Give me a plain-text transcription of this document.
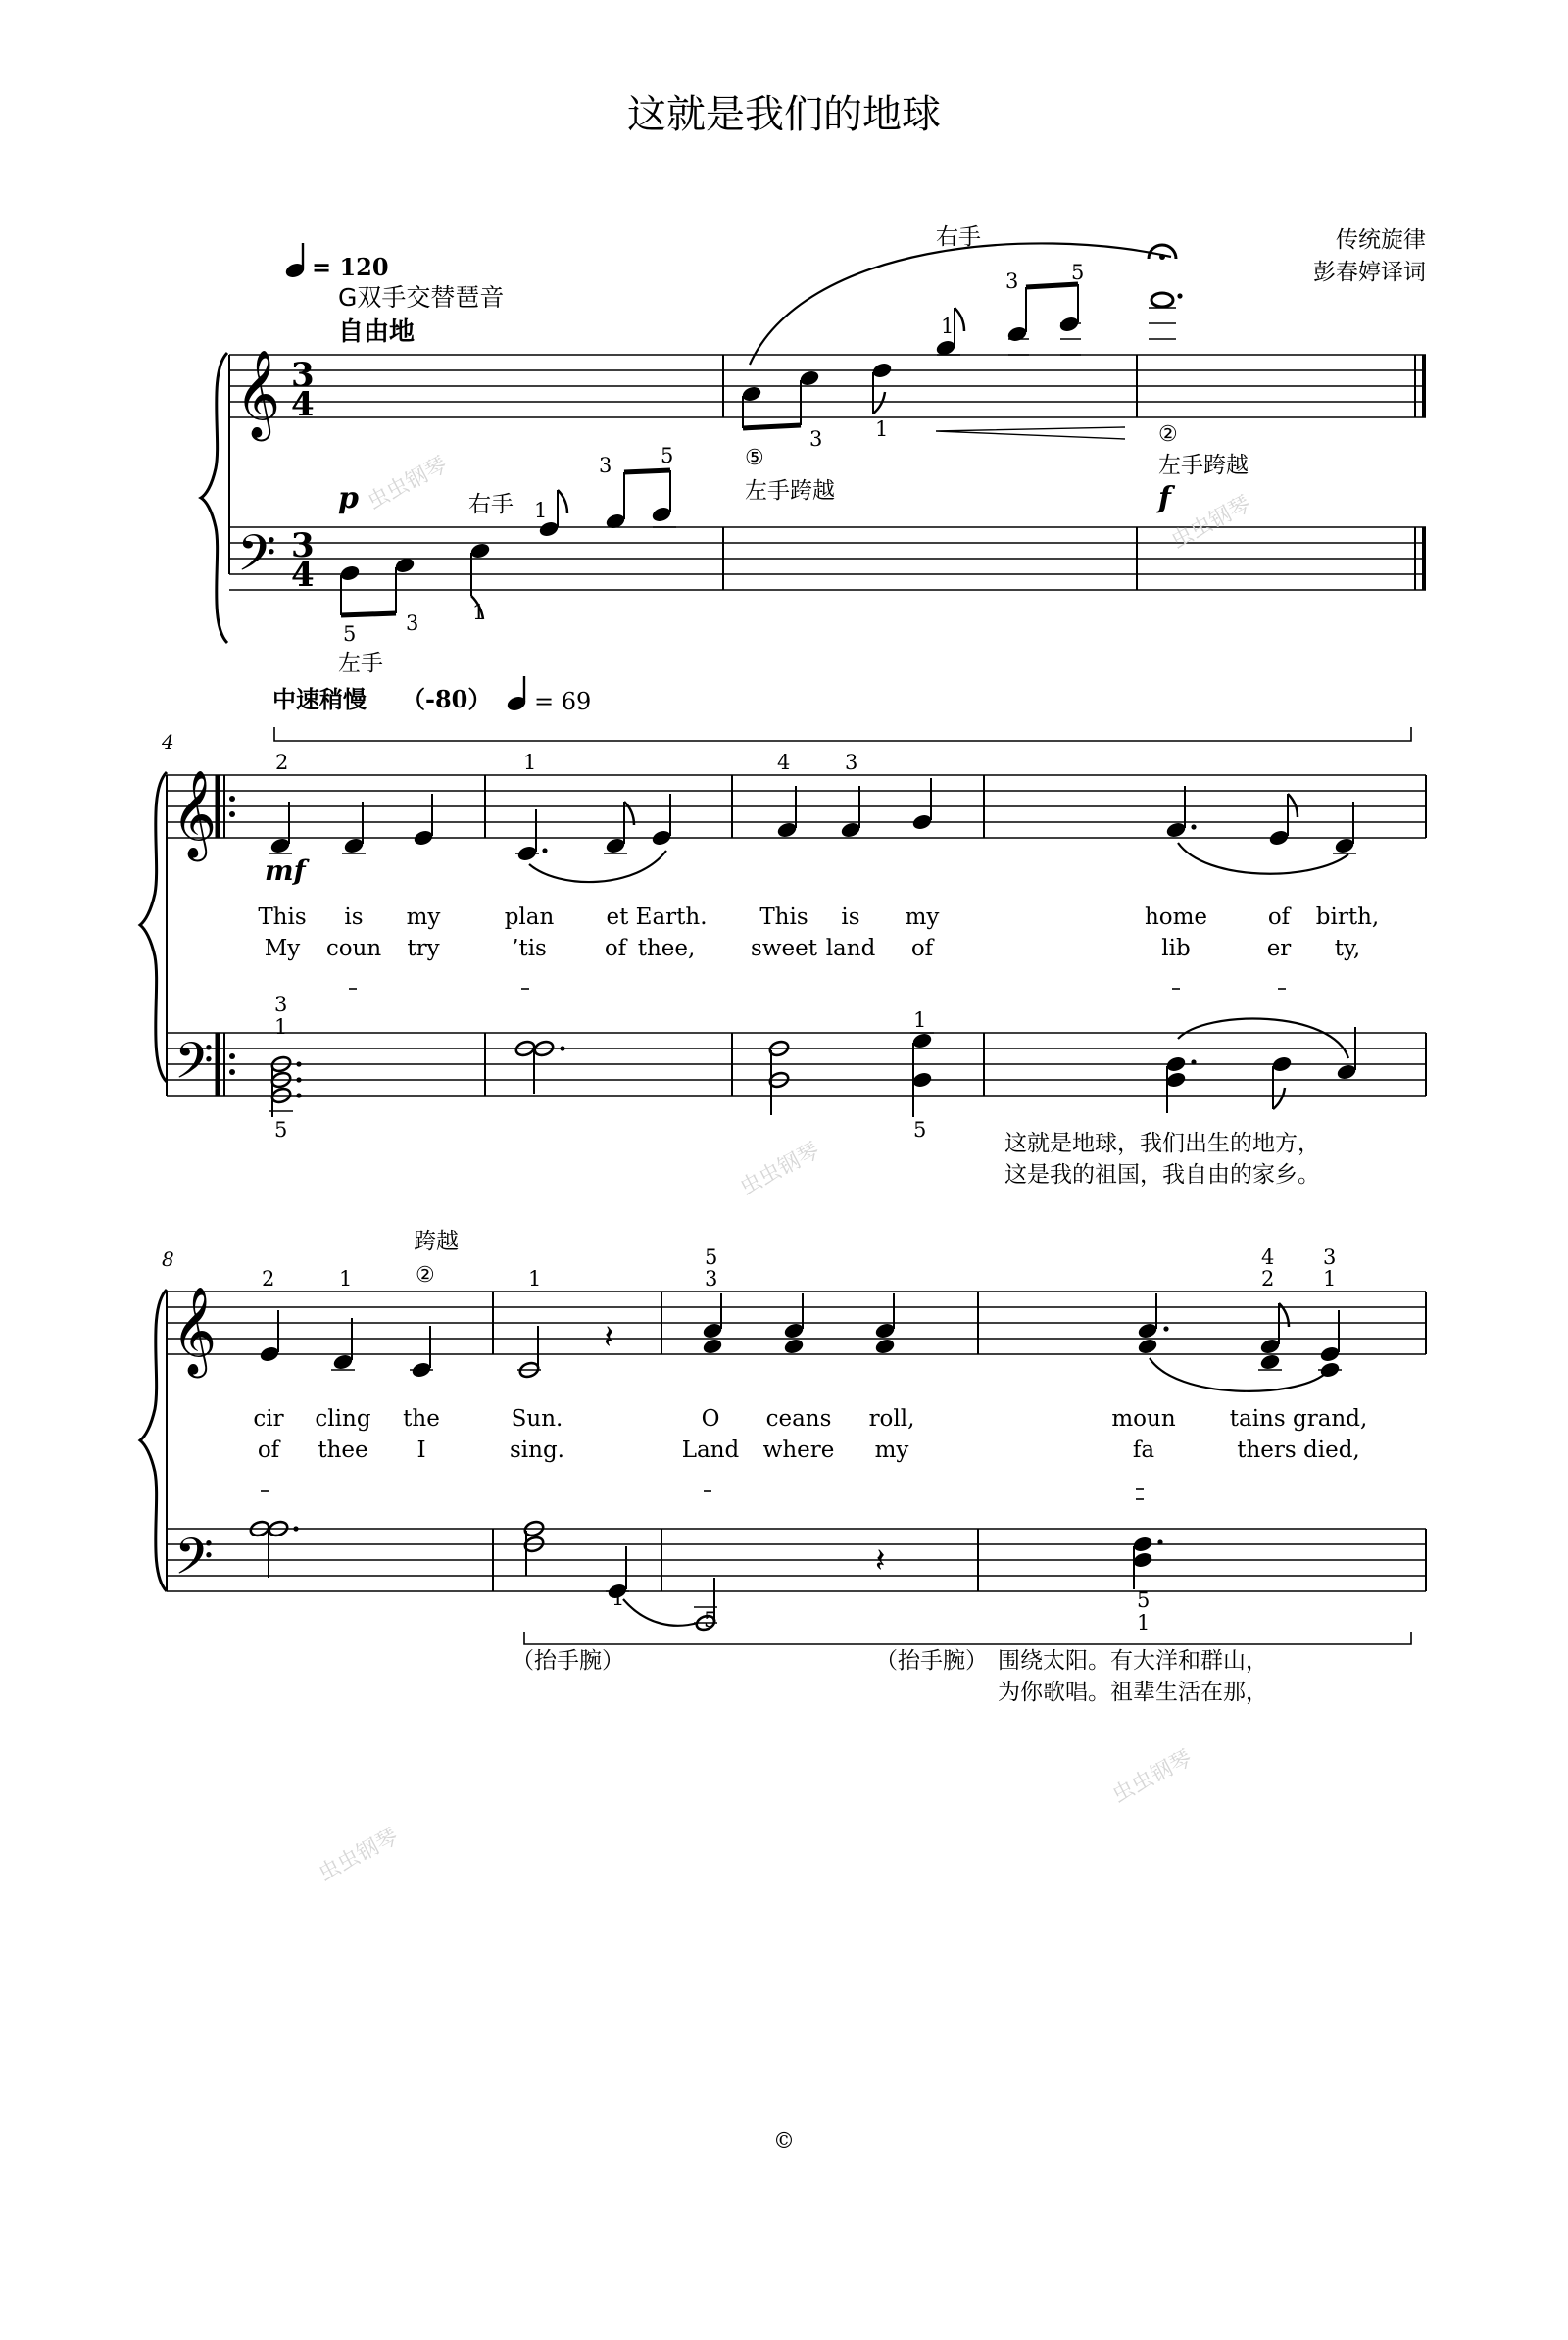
这就是我们的地球
传统旋律
彭春婷译词
= 120
G双手交替琶音
自由地
右手
𝄞
𝄢
3
4
3
4
5 3	1
1
3 5
p	右手
左手
3	1
1
3	5
⑤
左手跨越
②
左手跨越
f
中速稍慢 （-80） = 69
4
𝄞
𝄢
mf
2	1	4	3
This is my	plan et Earth. This is my	home	of birth,
My coun try	’tis	of thee, sweet land of	lib	er ty,
3
1
5
1
5
这就是地球，我们出生的地方，
这是我的祖国，我自由的家乡。
8
跨越
②
𝄞
𝄢
𝄽
2	1	1
5
3
4
2
3
1
cir cling the	Sun.	O ceans roll,	moun tains grand,
of thee I	sing.	Land where my	fa	thers died,
𝄽
1
5
5
1
（抬手腕）	（抬手腕） 围绕太阳。有大洋和群山，
为你歌唱。祖辈生活在那，
虫虫钢琴
虫虫钢琴
虫虫钢琴
虫虫钢琴
虫虫钢琴
©
